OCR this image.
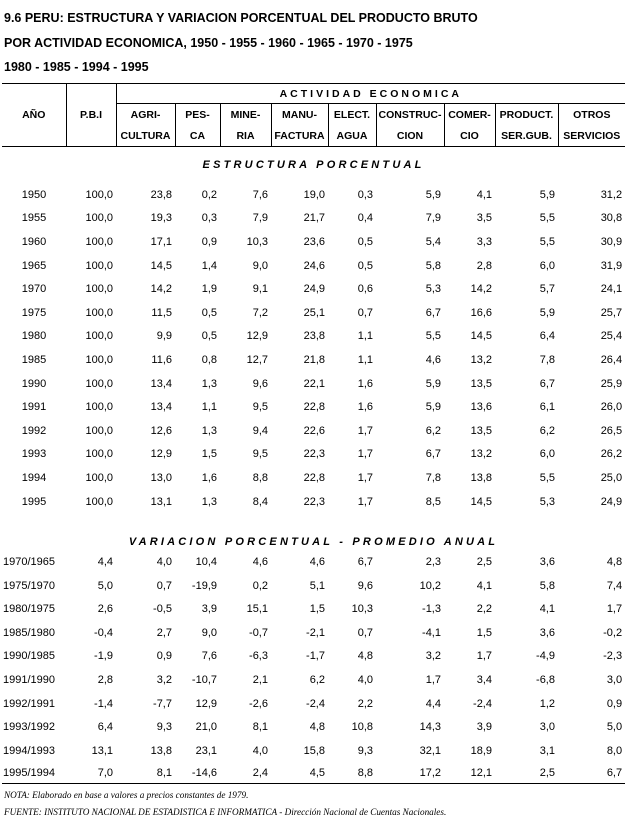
9.6 PERU: ESTRUCTURA Y VARIACION PORCENTUAL DEL PRODUCTO BRUTO
POR ACTIVIDAD ECONOMICA, 1950 - 1955 - 1960 - 1965 - 1970 - 1975
1980 - 1985 - 1994 - 1995
AÑO	P.B.I	ACTIVIDAD ECONOMICA								
		AGRI-	PES-	MINE-	MANU-	ELECT.	CONSTRUC-	COMER-	PRODUCT.	OTROS
		CULTURA	CA	RIA	FACTURA	AGUA	CION	CIO	SER.GUB.	SERVICIOS
ESTRUCTURA PORCENTUAL										
1950	100,0	23,8	0,2	7,6	19,0	0,3	5,9	4,1	5,9	31,2
1955	100,0	19,3	0,3	7,9	21,7	0,4	7,9	3,5	5,5	30,8
1960	100,0	17,1	0,9	10,3	23,6	0,5	5,4	3,3	5,5	30,9
1965	100,0	14,5	1,4	9,0	24,6	0,5	5,8	2,8	6,0	31,9
1970	100,0	14,2	1,9	9,1	24,9	0,6	5,3	14,2	5,7	24,1
1975	100,0	11,5	0,5	7,2	25,1	0,7	6,7	16,6	5,9	25,7
1980	100,0	9,9	0,5	12,9	23,8	1,1	5,5	14,5	6,4	25,4
1985	100,0	11,6	0,8	12,7	21,8	1,1	4,6	13,2	7,8	26,4
1990	100,0	13,4	1,3	9,6	22,1	1,6	5,9	13,5	6,7	25,9
1991	100,0	13,4	1,1	9,5	22,8	1,6	5,9	13,6	6,1	26,0
1992	100,0	12,6	1,3	9,4	22,6	1,7	6,2	13,5	6,2	26,5
1993	100,0	12,9	1,5	9,5	22,3	1,7	6,7	13,2	6,0	26,2
1994	100,0	13,0	1,6	8,8	22,8	1,7	7,8	13,8	5,5	25,0
1995	100,0	13,1	1,3	8,4	22,3	1,7	8,5	14,5	5,3	24,9
VARIACION PORCENTUAL - PROMEDIO ANUAL										
1970/1965	4,4	4,0	10,4	4,6	4,6	6,7	2,3	2,5	3,6	4,8
1975/1970	5,0	0,7	-19,9	0,2	5,1	9,6	10,2	4,1	5,8	7,4
1980/1975	2,6	-0,5	3,9	15,1	1,5	10,3	-1,3	2,2	4,1	1,7
1985/1980	-0,4	2,7	9,0	-0,7	-2,1	0,7	-4,1	1,5	3,6	-0,2
1990/1985	-1,9	0,9	7,6	-6,3	-1,7	4,8	3,2	1,7	-4,9	-2,3
1991/1990	2,8	3,2	-10,7	2,1	6,2	4,0	1,7	3,4	-6,8	3,0
1992/1991	-1,4	-7,7	12,9	-2,6	-2,4	2,2	4,4	-2,4	1,2	0,9
1993/1992	6,4	9,3	21,0	8,1	4,8	10,8	14,3	3,9	3,0	5,0
1994/1993	13,1	13,8	23,1	4,0	15,8	9,3	32,1	18,9	3,1	8,0
1995/1994	7,0	8,1	-14,6	2,4	4,5	8,8	17,2	12,1	2,5	6,7
NOTA: Elaborado en base a valores a precios constantes de 1979.
FUENTE: INSTITUTO NACIONAL DE ESTADISTICA E INFORMATICA - Dirección Nacional de Cuentas Nacionales.
